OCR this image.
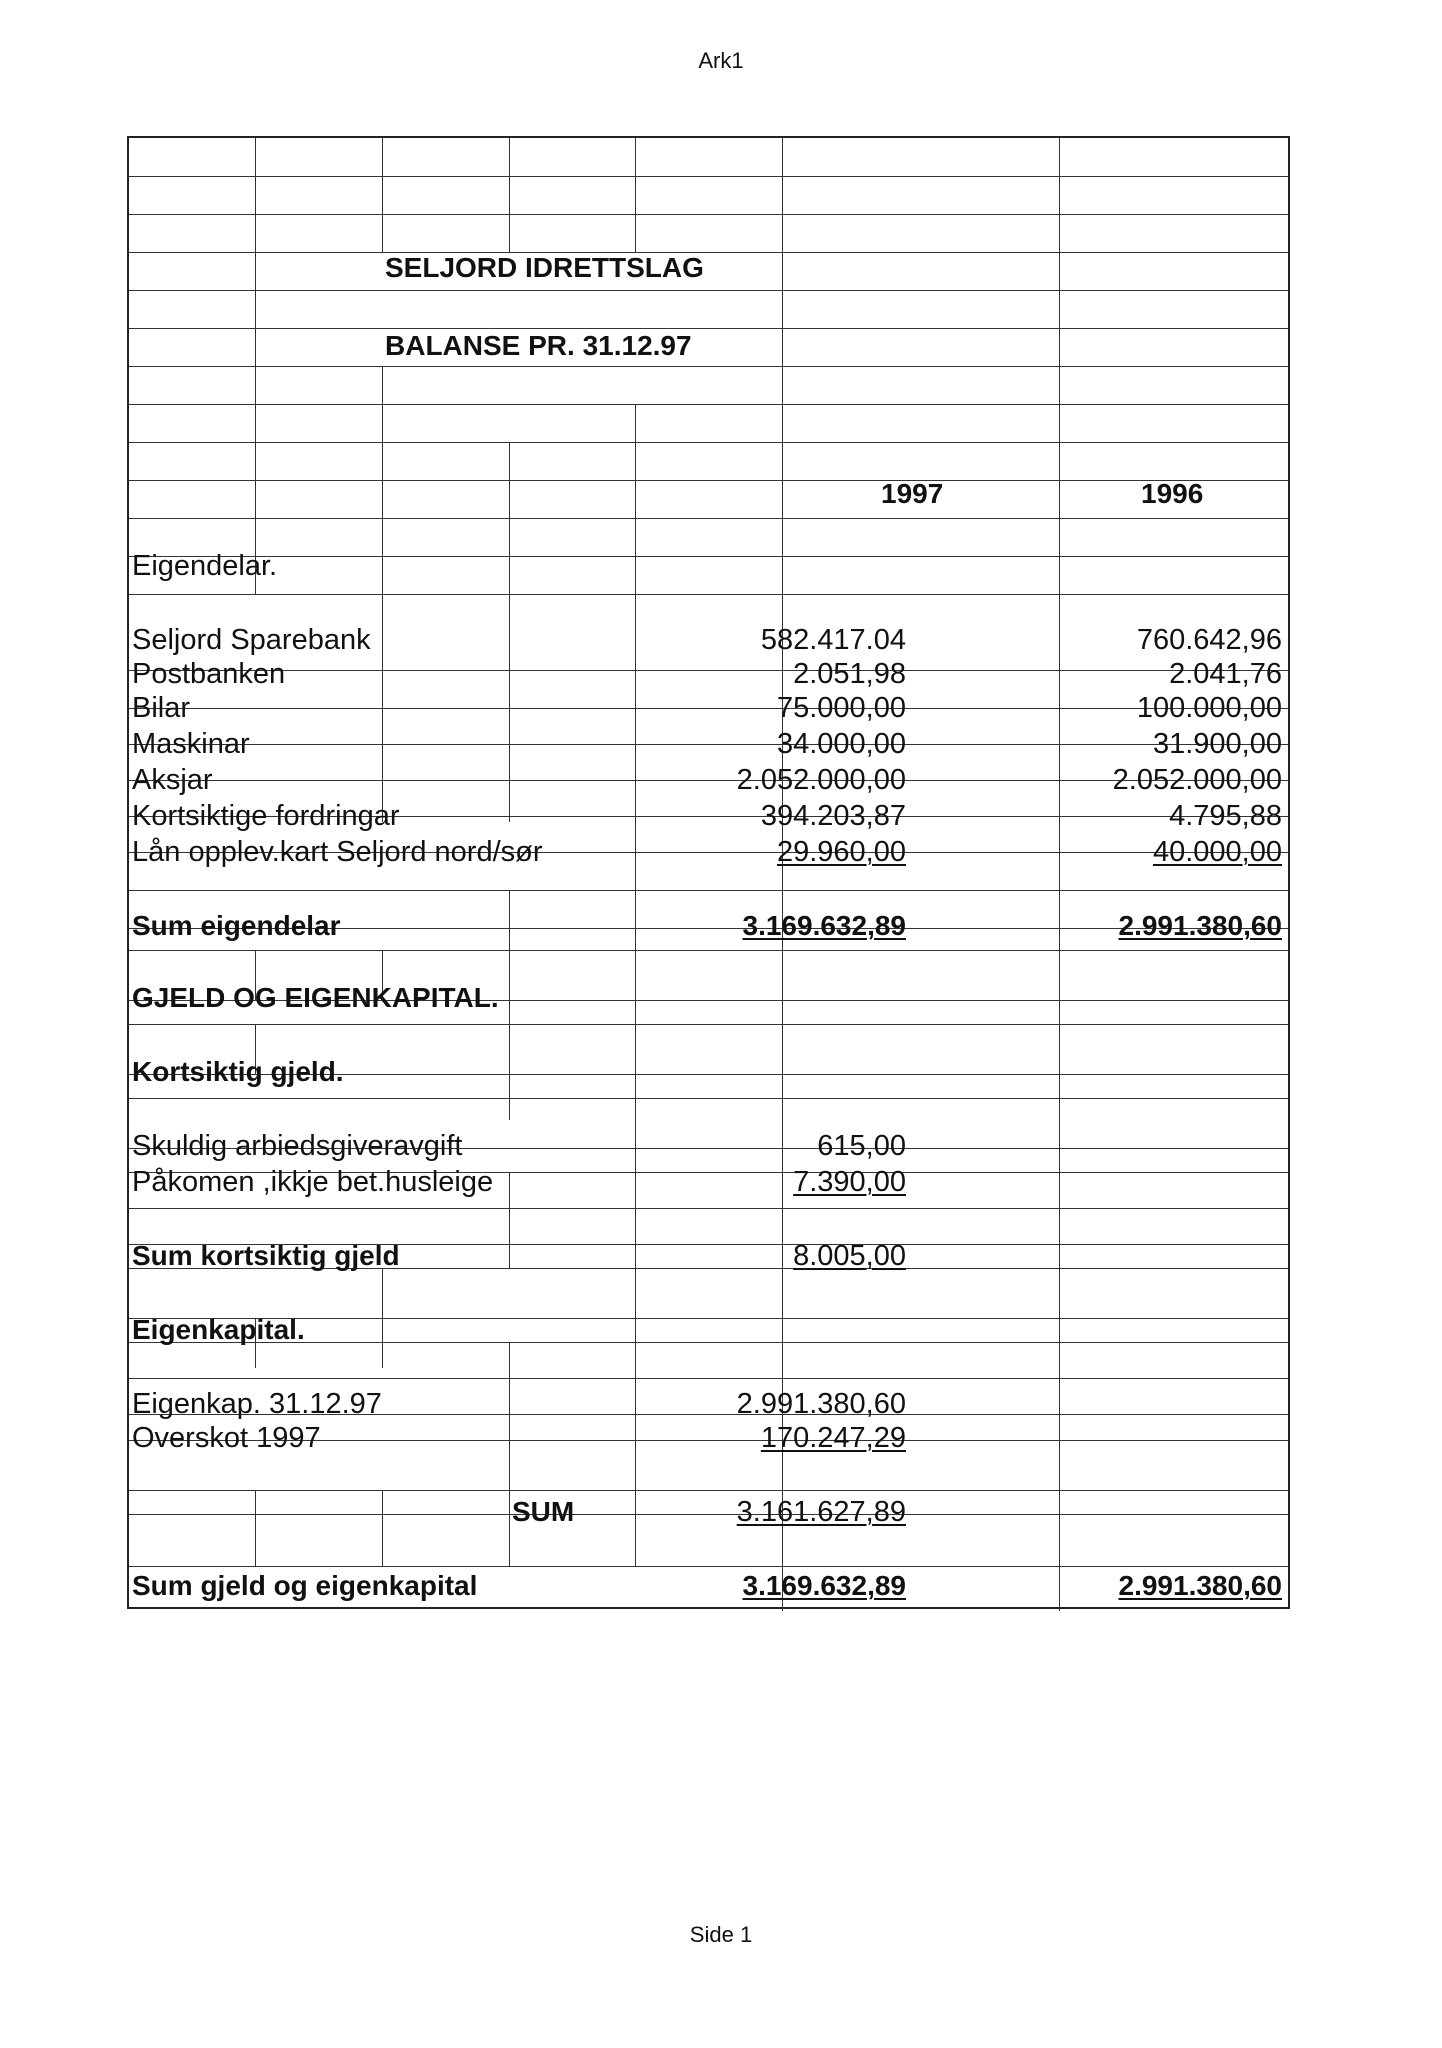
Ark1
SELJORD IDRETTSLAG
BALANSE PR. 31.12.97
1997	1996
Eigendelar.
Seljord Sparebank	582.417.04	760.642,96
Postbanken	2.051,98	2.041,76
Bilar	75.000,00	100.000,00
Maskinar	34.000,00	31.900,00
Aksjar	2.052.000,00	2.052.000,00
Kortsiktige fordringar	394.203,87	4.795,88
Lån opplev.kart Seljord nord/sør	29.960,00	40.000,00
Sum eigendelar	3.169.632,89	2.991.380,60
GJELD OG EIGENKAPITAL.
Kortsiktig gjeld.
Skuldig arbiedsgiveravgift	615,00
Påkomen ,ikkje bet.husleige	7.390,00
Sum kortsiktig gjeld	8.005,00
Eigenkapital.
Eigenkap. 31.12.97	2.991.380,60
Overskot 1997	170.247,29
SUM	3.161.627,89
Sum gjeld og eigenkapital	3.169.632,89	2.991.380,60
Side 1
